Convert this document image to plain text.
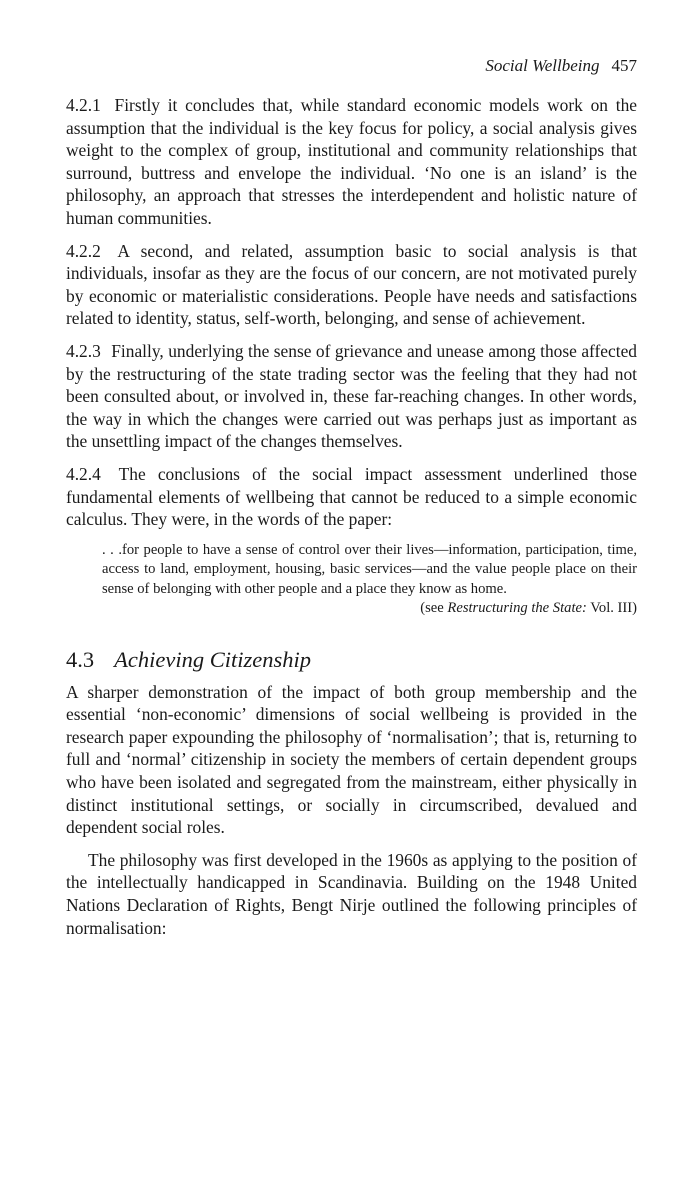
Social Wellbeing 457

4.2.1 Firstly it concludes that, while standard economic models work on the assumption that the individual is the key focus for policy, a social analysis gives weight to the complex of group, institutional and community relationships that surround, buttress and envelope the individual. ‘No one is an island’ is the philosophy, an approach that stresses the interdependent and holistic nature of human communities.

4.2.2 A second, and related, assumption basic to social analysis is that individuals, insofar as they are the focus of our concern, are not motivated purely by economic or materialistic considerations. People have needs and satisfactions related to identity, status, self-worth, belonging, and sense of achievement.

4.2.3 Finally, underlying the sense of grievance and unease among those affected by the restructuring of the state trading sector was the feeling that they had not been consulted about, or involved in, these far-reaching changes. In other words, the way in which the changes were carried out was perhaps just as important as the unsettling impact of the changes themselves.

4.2.4 The conclusions of the social impact assessment underlined those fundamental elements of wellbeing that cannot be reduced to a simple economic calculus. They were, in the words of the paper:

. . .for people to have a sense of control over their lives—information, participation, time, access to land, employment, housing, basic services—and the value people place on their sense of belonging with other people and a place they know as home.
(see Restructuring the State: Vol. III)
4.3 Achieving Citizenship

A sharper demonstration of the impact of both group membership and the essential ‘non-economic’ dimensions of social wellbeing is provided in the research paper expounding the philosophy of ‘normalisation’; that is, returning to full and ‘normal’ citizenship in society the members of certain dependent groups who have been isolated and segregated from the mainstream, either physically in distinct institutional settings, or socially in circumscribed, devalued and dependent social roles.

The philosophy was first developed in the 1960s as applying to the position of the intellectually handicapped in Scandinavia. Building on the 1948 United Nations Declaration of Rights, Bengt Nirje outlined the following principles of normalisation:
